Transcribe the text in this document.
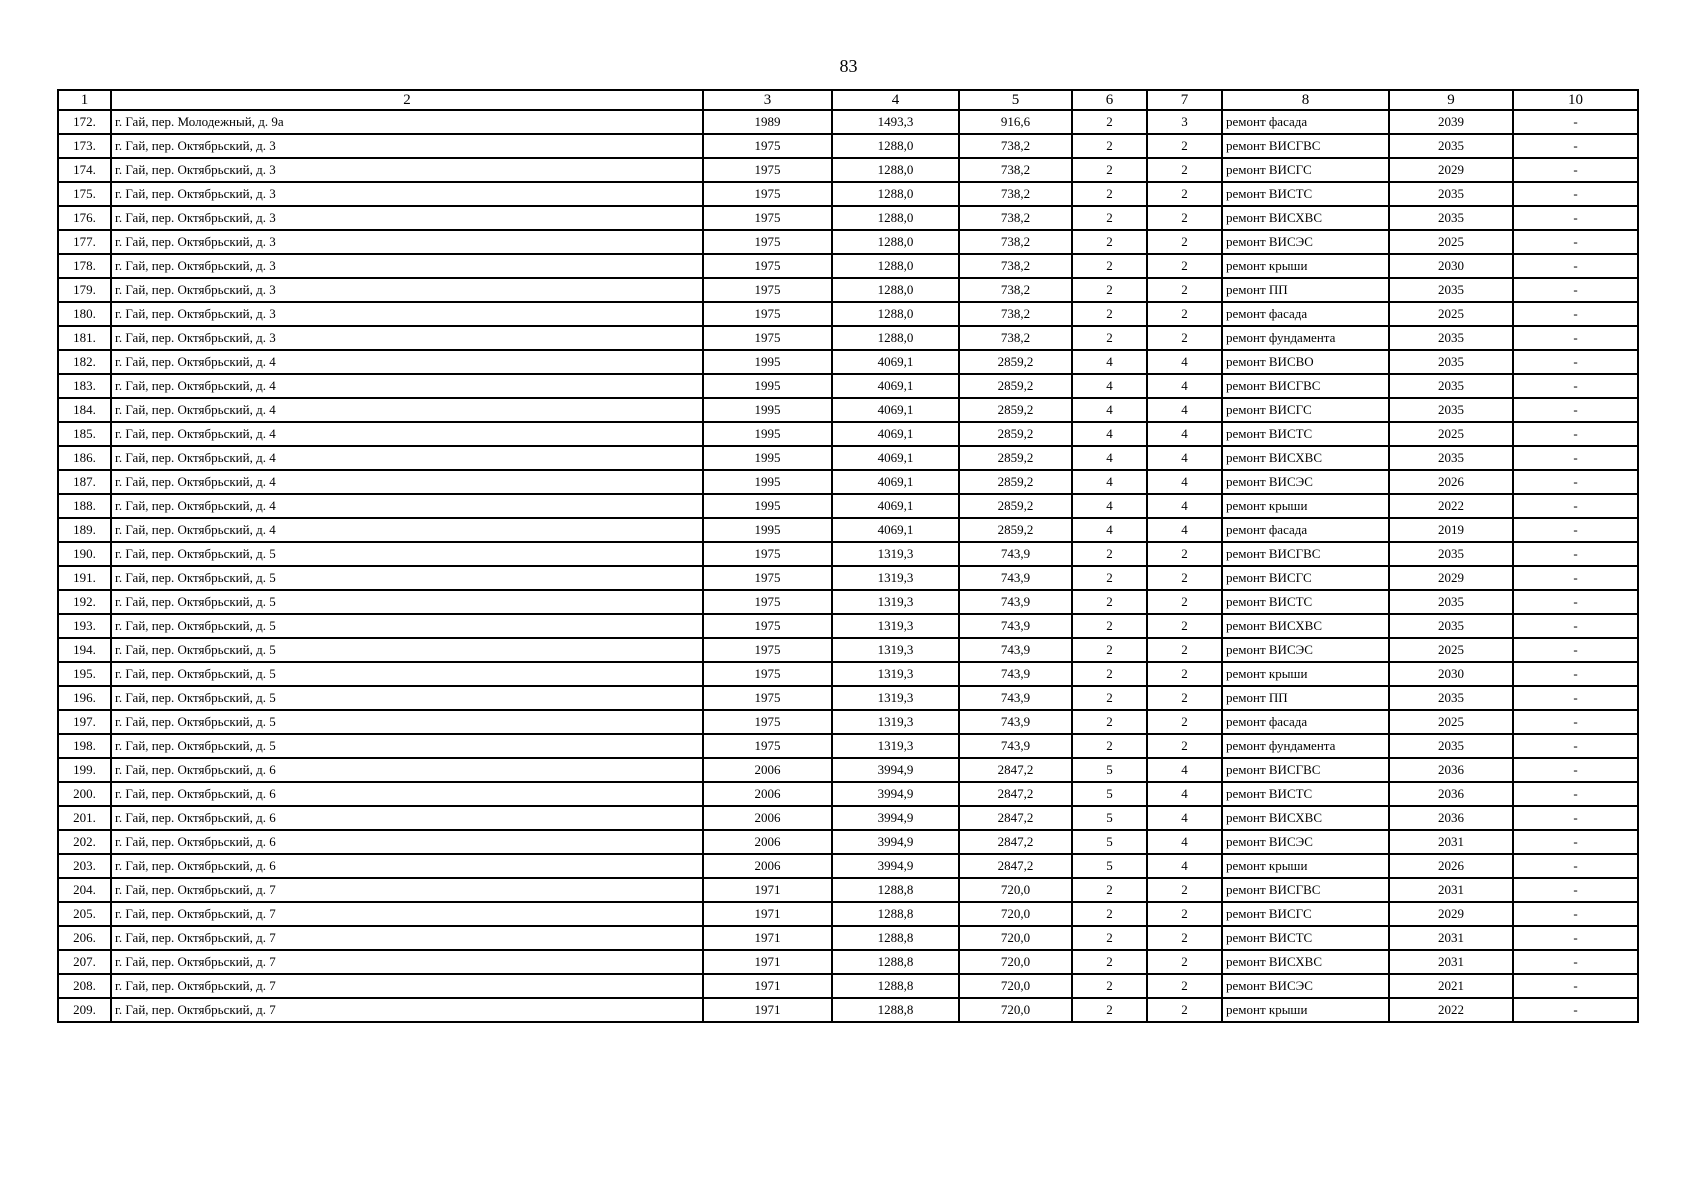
83
1	2	3	4	5	6	7	8	9	10
172.	г. Гай, пер. Молодежный, д. 9а	1989	1493,3	916,6	2	3	ремонт фасада	2039	-
173.	г. Гай, пер. Октябрьский, д. 3	1975	1288,0	738,2	2	2	ремонт ВИСГВС	2035	-
174.	г. Гай, пер. Октябрьский, д. 3	1975	1288,0	738,2	2	2	ремонт ВИСГС	2029	-
175.	г. Гай, пер. Октябрьский, д. 3	1975	1288,0	738,2	2	2	ремонт ВИСТС	2035	-
176.	г. Гай, пер. Октябрьский, д. 3	1975	1288,0	738,2	2	2	ремонт ВИСХВС	2035	-
177.	г. Гай, пер. Октябрьский, д. 3	1975	1288,0	738,2	2	2	ремонт ВИСЭС	2025	-
178.	г. Гай, пер. Октябрьский, д. 3	1975	1288,0	738,2	2	2	ремонт крыши	2030	-
179.	г. Гай, пер. Октябрьский, д. 3	1975	1288,0	738,2	2	2	ремонт ПП	2035	-
180.	г. Гай, пер. Октябрьский, д. 3	1975	1288,0	738,2	2	2	ремонт фасада	2025	-
181.	г. Гай, пер. Октябрьский, д. 3	1975	1288,0	738,2	2	2	ремонт фундамента	2035	-
182.	г. Гай, пер. Октябрьский, д. 4	1995	4069,1	2859,2	4	4	ремонт ВИСВО	2035	-
183.	г. Гай, пер. Октябрьский, д. 4	1995	4069,1	2859,2	4	4	ремонт ВИСГВС	2035	-
184.	г. Гай, пер. Октябрьский, д. 4	1995	4069,1	2859,2	4	4	ремонт ВИСГС	2035	-
185.	г. Гай, пер. Октябрьский, д. 4	1995	4069,1	2859,2	4	4	ремонт ВИСТС	2025	-
186.	г. Гай, пер. Октябрьский, д. 4	1995	4069,1	2859,2	4	4	ремонт ВИСХВС	2035	-
187.	г. Гай, пер. Октябрьский, д. 4	1995	4069,1	2859,2	4	4	ремонт ВИСЭС	2026	-
188.	г. Гай, пер. Октябрьский, д. 4	1995	4069,1	2859,2	4	4	ремонт крыши	2022	-
189.	г. Гай, пер. Октябрьский, д. 4	1995	4069,1	2859,2	4	4	ремонт фасада	2019	-
190.	г. Гай, пер. Октябрьский, д. 5	1975	1319,3	743,9	2	2	ремонт ВИСГВС	2035	-
191.	г. Гай, пер. Октябрьский, д. 5	1975	1319,3	743,9	2	2	ремонт ВИСГС	2029	-
192.	г. Гай, пер. Октябрьский, д. 5	1975	1319,3	743,9	2	2	ремонт ВИСТС	2035	-
193.	г. Гай, пер. Октябрьский, д. 5	1975	1319,3	743,9	2	2	ремонт ВИСХВС	2035	-
194.	г. Гай, пер. Октябрьский, д. 5	1975	1319,3	743,9	2	2	ремонт ВИСЭС	2025	-
195.	г. Гай, пер. Октябрьский, д. 5	1975	1319,3	743,9	2	2	ремонт крыши	2030	-
196.	г. Гай, пер. Октябрьский, д. 5	1975	1319,3	743,9	2	2	ремонт ПП	2035	-
197.	г. Гай, пер. Октябрьский, д. 5	1975	1319,3	743,9	2	2	ремонт фасада	2025	-
198.	г. Гай, пер. Октябрьский, д. 5	1975	1319,3	743,9	2	2	ремонт фундамента	2035	-
199.	г. Гай, пер. Октябрьский, д. 6	2006	3994,9	2847,2	5	4	ремонт ВИСГВС	2036	-
200.	г. Гай, пер. Октябрьский, д. 6	2006	3994,9	2847,2	5	4	ремонт ВИСТС	2036	-
201.	г. Гай, пер. Октябрьский, д. 6	2006	3994,9	2847,2	5	4	ремонт ВИСХВС	2036	-
202.	г. Гай, пер. Октябрьский, д. 6	2006	3994,9	2847,2	5	4	ремонт ВИСЭС	2031	-
203.	г. Гай, пер. Октябрьский, д. 6	2006	3994,9	2847,2	5	4	ремонт крыши	2026	-
204.	г. Гай, пер. Октябрьский, д. 7	1971	1288,8	720,0	2	2	ремонт ВИСГВС	2031	-
205.	г. Гай, пер. Октябрьский, д. 7	1971	1288,8	720,0	2	2	ремонт ВИСГС	2029	-
206.	г. Гай, пер. Октябрьский, д. 7	1971	1288,8	720,0	2	2	ремонт ВИСТС	2031	-
207.	г. Гай, пер. Октябрьский, д. 7	1971	1288,8	720,0	2	2	ремонт ВИСХВС	2031	-
208.	г. Гай, пер. Октябрьский, д. 7	1971	1288,8	720,0	2	2	ремонт ВИСЭС	2021	-
209.	г. Гай, пер. Октябрьский, д. 7	1971	1288,8	720,0	2	2	ремонт крыши	2022	-
